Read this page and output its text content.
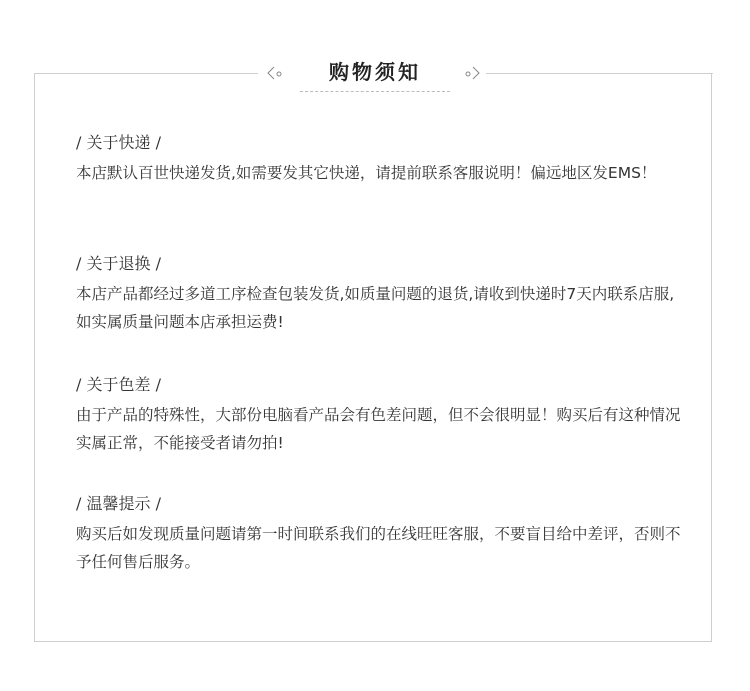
购物须知
/ 关于快递 /

本店默认百世快递发货,如需要发其它快递，请提前联系客服说明！偏远地区发EMS！

/ 关于退换 /

本店产品都经过多道工序检查包装发货,如质量问题的退货,请收到快递时7天内联系店服,如实属质量问题本店承担运费!

/ 关于色差 /

由于产品的特殊性，大部份电脑看产品会有色差问题，但不会很明显！购买后有这种情况实属正常，不能接受者请勿拍!

/ 温馨提示 /

购买后如发现质量问题请第一时间联系我们的在线旺旺客服，不要盲目给中差评，否则不予任何售后服务。
